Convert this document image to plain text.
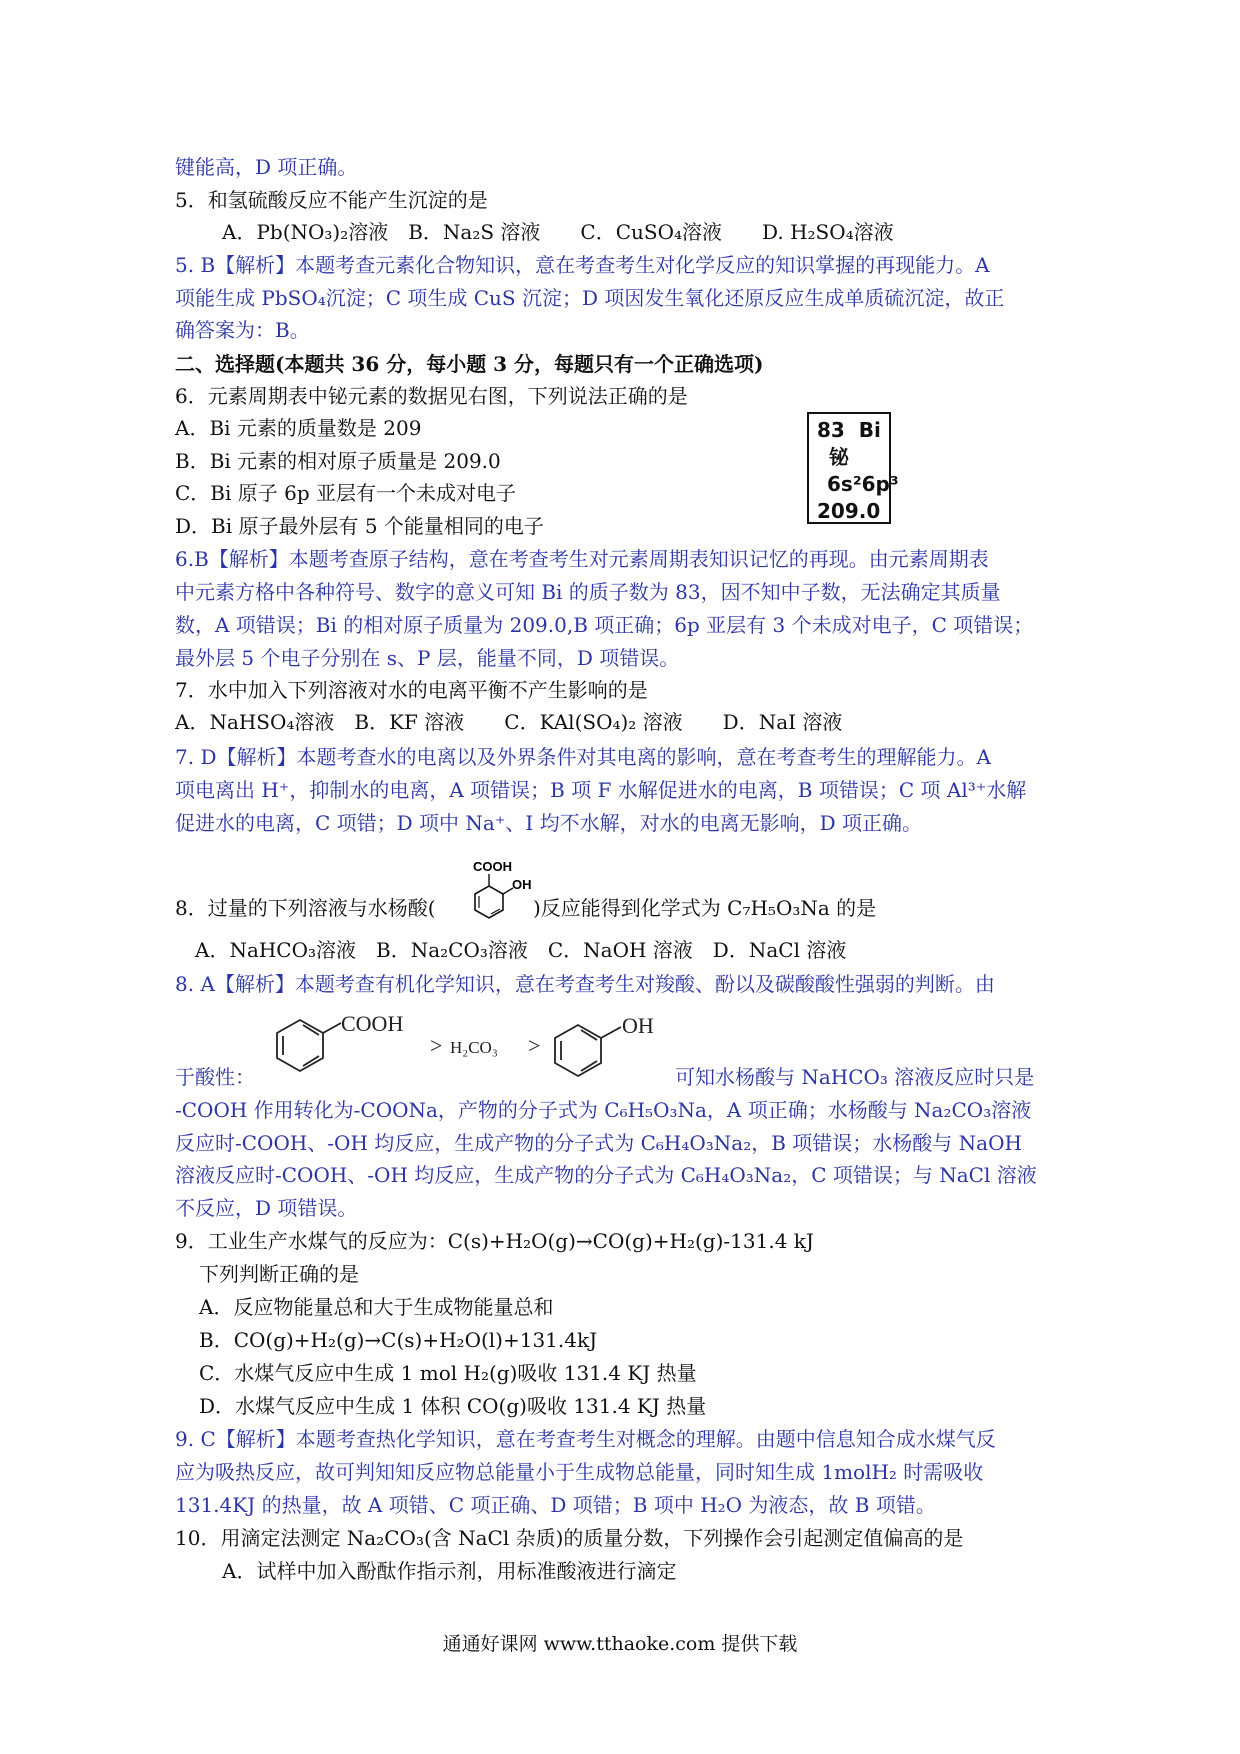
键能高，D 项正确。
5．和氢硫酸反应不能产生沉淀的是
A．Pb(NO₃)₂溶液　B．Na₂S 溶液　　C．CuSO₄溶液　　D. H₂SO₄溶液
5. B【解析】本题考查元素化合物知识，意在考查考生对化学反应的知识掌握的再现能力。A
项能生成 PbSO₄沉淀；C 项生成 CuS 沉淀；D 项因发生氧化还原反应生成单质硫沉淀，故正
确答案为：B。
二、选择题(本题共 36 分，每小题 3 分，每题只有一个正确选项)
6．元素周期表中铋元素的数据见右图，下列说法正确的是
A．Bi 元素的质量数是 209
B．Bi 元素的相对原子质量是 209.0
C．Bi 原子 6p 亚层有一个未成对电子
D．Bi 原子最外层有 5 个能量相同的电子
83 Bi
铋
6s²6p³
209.0
6.B【解析】本题考查原子结构，意在考查考生对元素周期表知识记忆的再现。由元素周期表
中元素方格中各种符号、数字的意义可知 Bi 的质子数为 83，因不知中子数，无法确定其质量
数，A 项错误；Bi 的相对原子质量为 209.0,B 项正确；6p 亚层有 3 个未成对电子，C 项错误；
最外层 5 个电子分别在 s、P 层，能量不同，D 项错误。
7．水中加入下列溶液对水的电离平衡不产生影响的是
A．NaHSO₄溶液　B．KF 溶液　　C．KAl(SO₄)₂ 溶液　　D．NaI 溶液
7. D【解析】本题考查水的电离以及外界条件对其电离的影响，意在考查考生的理解能力。A
项电离出 H⁺，抑制水的电离，A 项错误；B 项 F 水解促进水的电离，B 项错误；C 项 Al³⁺水解
促进水的电离，C 项错；D 项中 Na⁺、I 均不水解，对水的电离无影响，D 项正确。
8．过量的下列溶液与水杨酸(
COOH
OH
)反应能得到化学式为 C₇H₅O₃Na 的是
A．NaHCO₃溶液　B．Na₂CO₃溶液　C．NaOH 溶液　D．NaCl 溶液
8. A【解析】本题考查有机化学知识，意在考查考生对羧酸、酚以及碳酸酸性强弱的判断。由
于酸性：
COOH
> H₂CO₃ >
OH
可知水杨酸与 NaHCO₃ 溶液反应时只是
-COOH 作用转化为-COONa，产物的分子式为 C₆H₅O₃Na，A 项正确；水杨酸与 Na₂CO₃溶液
反应时-COOH、-OH 均反应，生成产物的分子式为 C₆H₄O₃Na₂，B 项错误；水杨酸与 NaOH
溶液反应时-COOH、-OH 均反应，生成产物的分子式为 C₆H₄O₃Na₂，C 项错误；与 NaCl 溶液
不反应，D 项错误。
9．工业生产水煤气的反应为：C(s)+H₂O(g)→CO(g)+H₂(g)-131.4 kJ
下列判断正确的是
A．反应物能量总和大于生成物能量总和
B．CO(g)+H₂(g)→C(s)+H₂O(l)+131.4kJ
C．水煤气反应中生成 1 mol H₂(g)吸收 131.4 KJ 热量
D．水煤气反应中生成 1 体积 CO(g)吸收 131.4 KJ 热量
9. C【解析】本题考查热化学知识，意在考查考生对概念的理解。由题中信息知合成水煤气反
应为吸热反应，故可判知知反应物总能量小于生成物总能量，同时知生成 1molH₂ 时需吸收
131.4KJ 的热量，故 A 项错、C 项正确、D 项错；B 项中 H₂O 为液态，故 B 项错。
10．用滴定法测定 Na₂CO₃(含 NaCl 杂质)的质量分数，下列操作会引起测定值偏高的是
A．试样中加入酚酞作指示剂，用标准酸液进行滴定
通通好课网 www.tthaoke.com 提供下载
